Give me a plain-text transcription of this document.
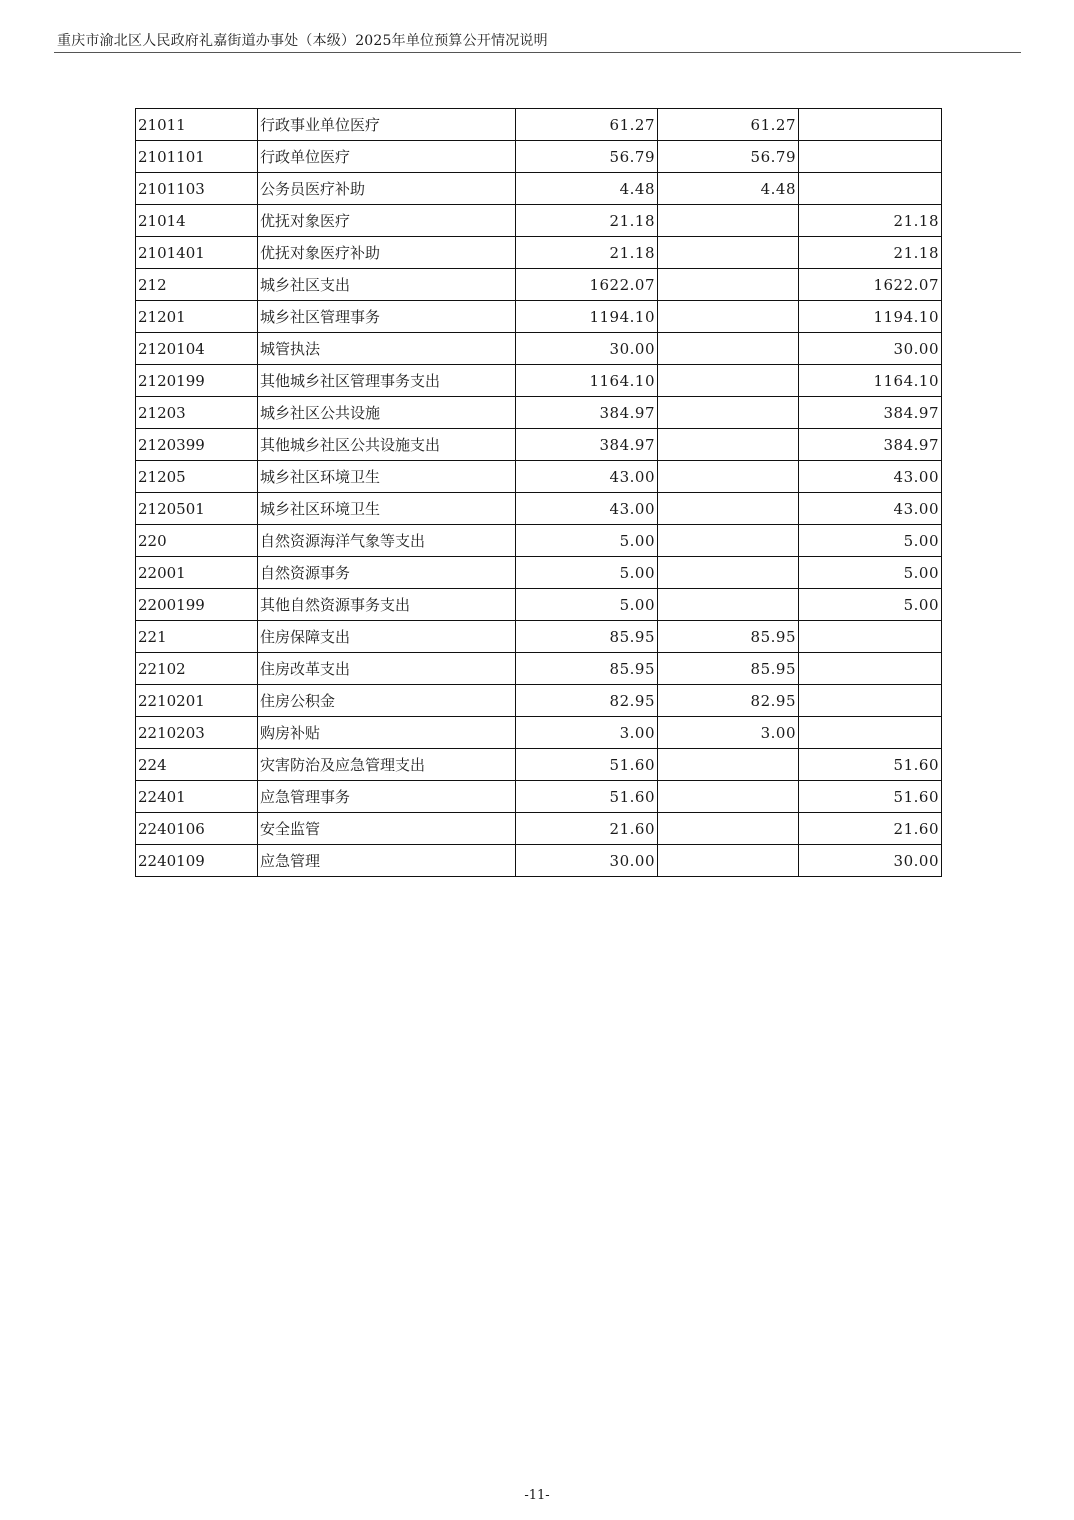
重庆市渝北区人民政府礼嘉街道办事处（本级）2025年单位预算公开情况说明
21011	行政事业单位医疗	61.27	61.27	
2101101	行政单位医疗	56.79	56.79	
2101103	公务员医疗补助	4.48	4.48	
21014	优抚对象医疗	21.18		21.18
2101401	优抚对象医疗补助	21.18		21.18
212	城乡社区支出	1622.07		1622.07
21201	城乡社区管理事务	1194.10		1194.10
2120104	城管执法	30.00		30.00
2120199	其他城乡社区管理事务支出	1164.10		1164.10
21203	城乡社区公共设施	384.97		384.97
2120399	其他城乡社区公共设施支出	384.97		384.97
21205	城乡社区环境卫生	43.00		43.00
2120501	城乡社区环境卫生	43.00		43.00
220	自然资源海洋气象等支出	5.00		5.00
22001	自然资源事务	5.00		5.00
2200199	其他自然资源事务支出	5.00		5.00
221	住房保障支出	85.95	85.95	
22102	住房改革支出	85.95	85.95	
2210201	住房公积金	82.95	82.95	
2210203	购房补贴	3.00	3.00	
224	灾害防治及应急管理支出	51.60		51.60
22401	应急管理事务	51.60		51.60
2240106	安全监管	21.60		21.60
2240109	应急管理	30.00		30.00
-11-
